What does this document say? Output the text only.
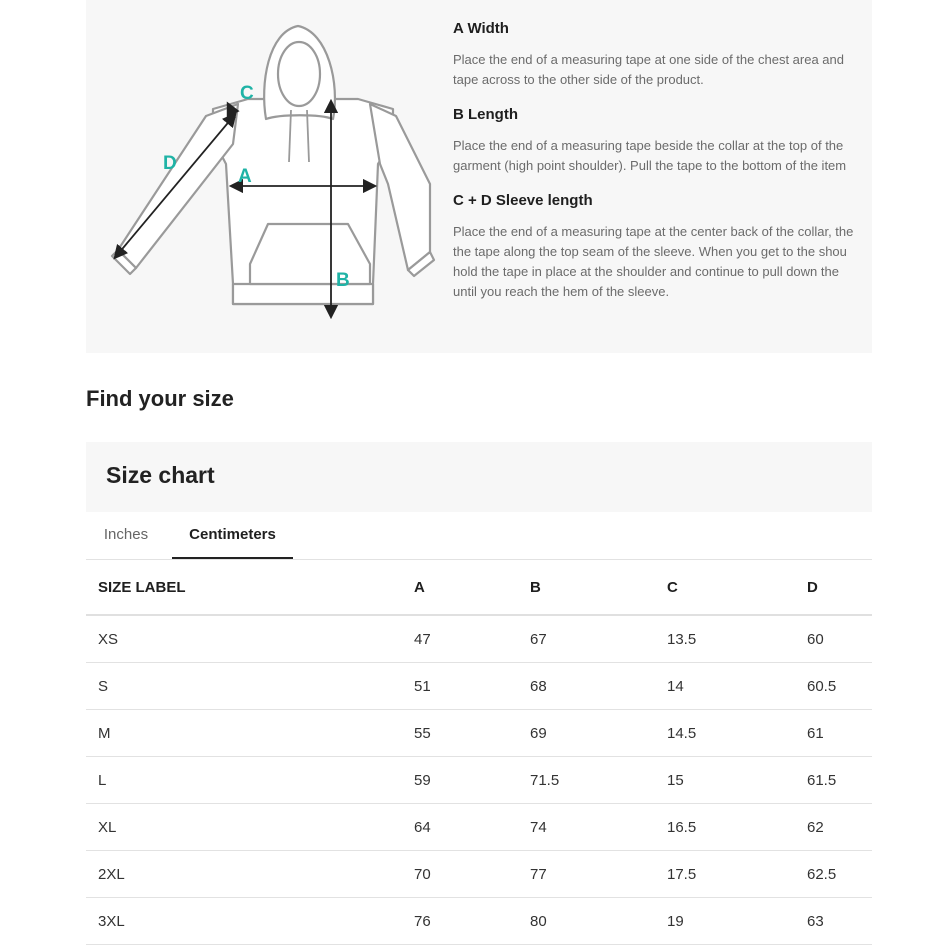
C
D
A
B
A Width

Place the end of a measuring tape at one side of the chest area and

tape across to the other side of the product.

B Length

Place the end of a measuring tape beside the collar at the top of the

garment (high point shoulder). Pull the tape to the bottom of the item

C + D Sleeve length

Place the end of a measuring tape at the center back of the collar, the

the tape along the top seam of the sleeve. When you get to the shou

hold the tape in place at the shoulder and continue to pull down the

until you reach the hem of the sleeve.

Find your size
Size chart
Inches	Centimeters
SIZE LABEL	A	B	C	D
XS	47	67	13.5	60
S	51	68	14	60.5
M	55	69	14.5	61
L	59	71.5	15	61.5
XL	64	74	16.5	62
2XL	70	77	17.5	62.5
3XL	76	80	19	63
